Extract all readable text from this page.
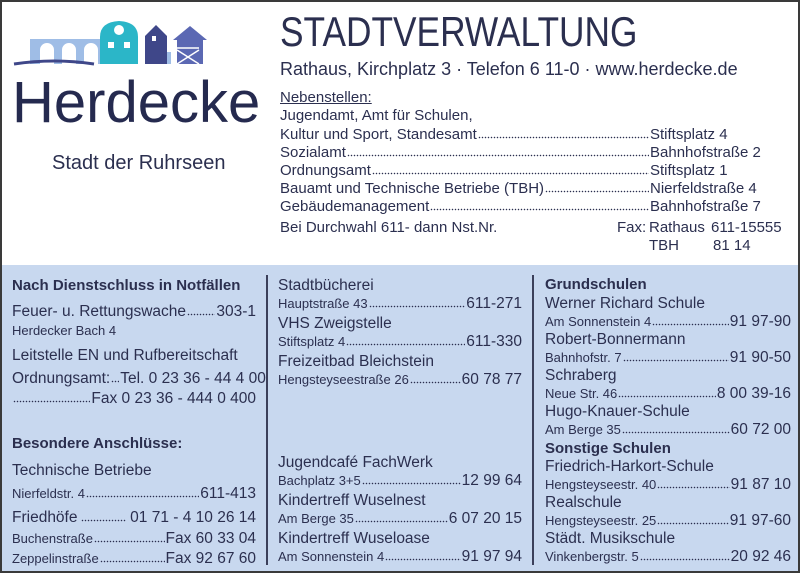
Herdecke
Stadt der Ruhrseen
STADTVERWALTUNG
Rathaus, Kirchplatz 3 · Telefon 6 11-0 · www.herdecke.de
Nebenstellen:
Jugendamt, Amt für Schulen,
Kultur und Sport, Standesamt	Stiftsplatz 4
Sozialamt	Bahnhofstraße 2
Ordnungsamt	Stiftsplatz 1
Bauamt und Technische Betriebe (TBH)	Nierfeldstraße 4
Gebäudemanagement	Bahnhofstraße 7
Bei Durchwahl 611- dann Nst.Nr.	Fax: Rathaus 611-15555
TBH 81 14
Nach Dienstschluss in Notfällen
Feuer- u. Rettungswache 303-1
Herdecker Bach 4
Leitstelle EN und Rufbereitschaft
Ordnungsamt: Tel. 0 23 36 - 44 4 00
Fax 0 23 36 - 444 0 400
Besondere Anschlüsse:
Technische Betriebe
Nierfeldstr. 4	611-413
Friedhöfe	01 71 - 4 10 26 14
Buchenstraße	Fax 60 33 04
Zeppelinstraße	Fax 92 67 60
Grundschulen
Sonstige Schulen
Stadtbücherei
Hauptstraße 43	611-271
VHS Zweigstelle
Stiftsplatz 4	611-330
Freizeitbad Bleichstein
Hengsteyseestraße 26	60 78 77
Jugendcafé FachWerk
Bachplatz 3+5	12 99 64
Kindertreff Wuselnest
Am Berge 35	6 07 20 15
Kindertreff Wuseloase
Am Sonnenstein 4	91 97 94
Werner Richard Schule
Am Sonnenstein 4	91 97-90
Robert-Bonnermann
Bahnhofstr. 7	91 90-50
Schraberg
Neue Str. 46	8 00 39-16
Hugo-Knauer-Schule
Am Berge 35	60 72 00
Friedrich-Harkort-Schule
Hengsteyseestr. 40	91 87 10
Realschule
Hengsteyseestr. 25	91 97-60
Städt. Musikschule
Vinkenbergstr. 5	20 92 46
